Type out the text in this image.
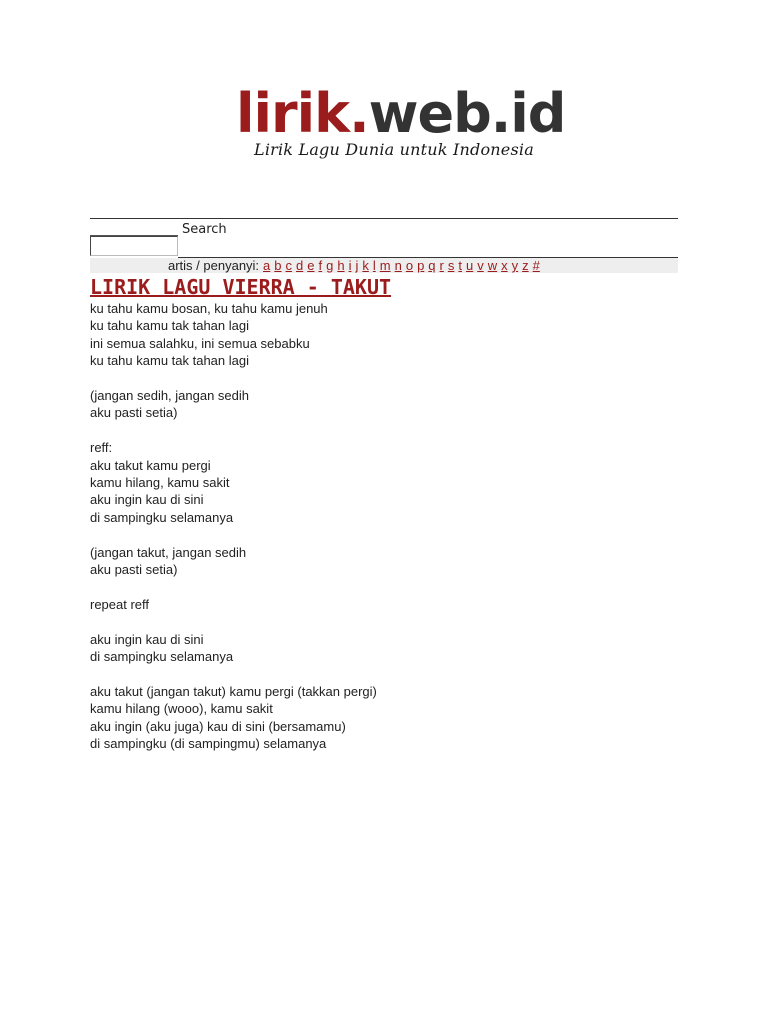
lirik.web.id
Lirik Lagu Dunia untuk Indonesia
Search
artis / penyanyi: a b c d e f g h i j k l m n o p q r s t u v w x y z #
LIRIK LAGU VIERRA - TAKUT

ku tahu kamu bosan, ku tahu kamu jenuh
ku tahu kamu tak tahan lagi
ini semua salahku, ini semua sebabku
ku tahu kamu tak tahan lagi

(jangan sedih, jangan sedih
aku pasti setia)

reff:
aku takut kamu pergi
kamu hilang, kamu sakit
aku ingin kau di sini
di sampingku selamanya

(jangan takut, jangan sedih
aku pasti setia)

repeat reff

aku ingin kau di sini
di sampingku selamanya

aku takut (jangan takut) kamu pergi (takkan pergi)
kamu hilang (wooo), kamu sakit
aku ingin (aku juga) kau di sini (bersamamu)
di sampingku (di sampingmu) selamanya
